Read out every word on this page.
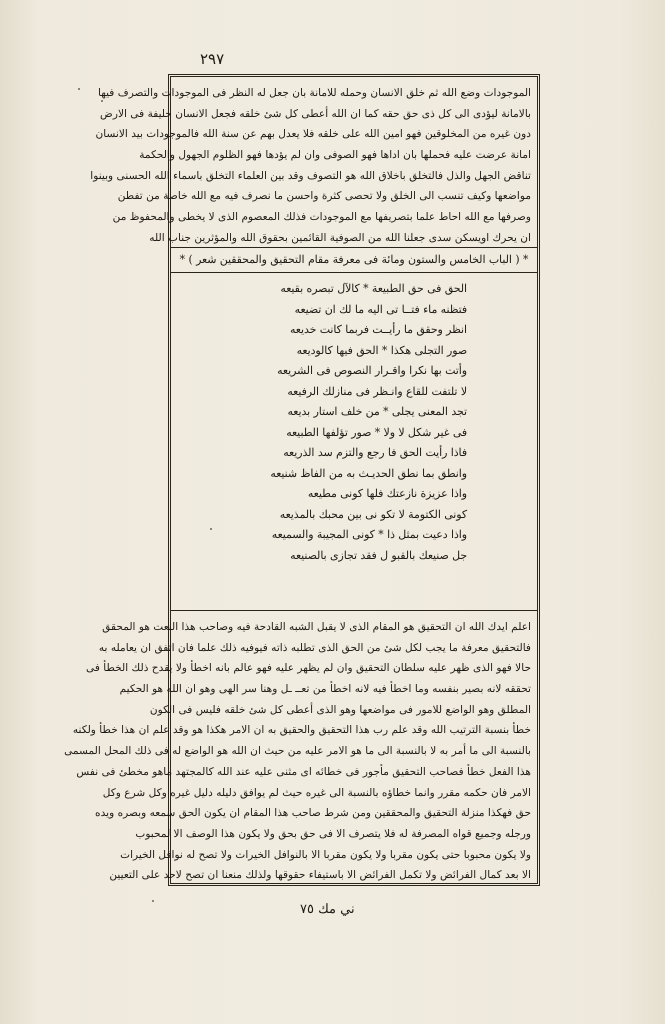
٢٩٧
الموجودات وضع الله ثم خلق الانسان وحمله للامانة بان جعل له النظر فى الموجودات والتصرف فيها
بالامانة ليؤدى الى كل ذى حق حقه كما ان الله أعطى كل شئ خلقه فجعل الانسان خليفة فى الارض
دون غيره من المخلوقين فهو امين الله على خلقه فلا يعدل بهم عن سنة الله فالموجودات بيد الانسان
امانة عرضت عليه فحملها بان اداها فهو الصوفى وان لم يؤدها فهو الظلوم الجهول والحكمة
تناقض الجهل والذل فالتخلق باخلاق الله هو التصوف وقد بين العلماء التخلق باسماء الله الحسنى وبينوا
مواضعها وكيف تنسب الى الخلق ولا تحصى كثرة واحسن ما نصرف فيه مع الله خاصة من تفطن
وصرفها مع الله احاط علما بتصريفها مع الموجودات فذلك المعصوم الذى لا يخطى والمحفوظ من
ان يحرك اويسكن سدى جعلنا الله من الصوفية القائمين بحقوق الله والمؤثرين جناب الله
* ( الباب الخامس والستون ومائة فى معرفة مقام التحقيق والمحققين شعر ) *
الحق فى حق الطبيعة * كالآل تبصره بقيعه
فتظنه ماء فتــا تى اليه ما لك ان تضيعه
انظر وحقق ما رأيــت فربما كانت خديعه
صور التجلى هكذا * الحق فيها كالودیعه
وأتت بها نكرا واقـرار النصوص فى الشريعه
لا تلتفت للقاع وانـظر فى منازلك الرفيعه
تجد المعنى يجلى * من خلف استار بديعه
فى غير شكل لا ولا * صور تؤلفها الطبيعه
فاذا رأيت الحق فا رجع والتزم سد الذريعه
وانطق بما نطق الحديـث به من الفاظ شنيعه
واذا عزيزة نازعتك فلها كونى مطيعه
كونى الكتومة لا تكو نى بين محبك بالمذيعه
واذا دعيت بمثل ذا * كونى المجيبة والسميعه
جل صنيعك بالقبو ل فقد تجازى بالصنيعه
اعلم ايدك الله ان التحقيق هو المقام الذى لا يقبل الشبه القادحة فيه وصاحب هذا النعت هو المحقق
فالتحقيق معرفة ما يجب لكل شئ من الحق الذى تطلبه ذاته فيوفيه ذلك علما فان اتفق ان يعامله به
حالا فهو الذى ظهر عليه سلطان التحقيق وان لم يظهر عليه فهو عالم بانه اخطأ ولا يقدح ذلك الخطأ فى
تحققه لانه بصير بنفسه وما اخطأ فيه لانه اخطأ من تعــ ـل وهنا سر الهى وهو ان الله هو الحكيم
المطلق وهو الواضع للامور فى مواضعها وهو الذى أعطى كل شئ خلقه فليس فى الكون
خطأ بنسبة الترتيب الله وقد علم رب هذا التحقيق والحقيق به ان الامر هكذا هو وقد علم ان هذا خطأ ولكنه
بالنسبة الى ما أمر به لا بالنسبة الى ما هو الامر عليه من حيث ان الله هو الواضع له فى ذلك المحل المسمى
هذا الفعل خطأ فصاحب التحقيق مأجور فى خطائه اى مثنى عليه عند الله كالمجتهد ماهو مخطئ فى نفس
الامر فان حكمه مقرر وانما خطاؤه بالنسبة الى غيره حيث لم يوافق دليله دليل غيره وكل شرع وكل
حق فهكذا منزلة التحقيق والمحققين ومن شرط صاحب هذا المقام ان يكون الحق سمعه وبصره ويده
ورجله وجميع قواه المصرفة له فلا يتصرف الا فى حق بحق ولا يكون هذا الوصف الا لمحبوب
ولا يكون محبوبا حتى يكون مقربا ولا يكون مقربا الا بالنوافل الخيرات ولا تصح له نوافل الخيرات
الا بعد كمال الفرائض ولا تكمل الفرائض الا باستيفاء حقوقها ولذلك منعنا ان تصح لاحد على التعيين
ني مك ٧٥
